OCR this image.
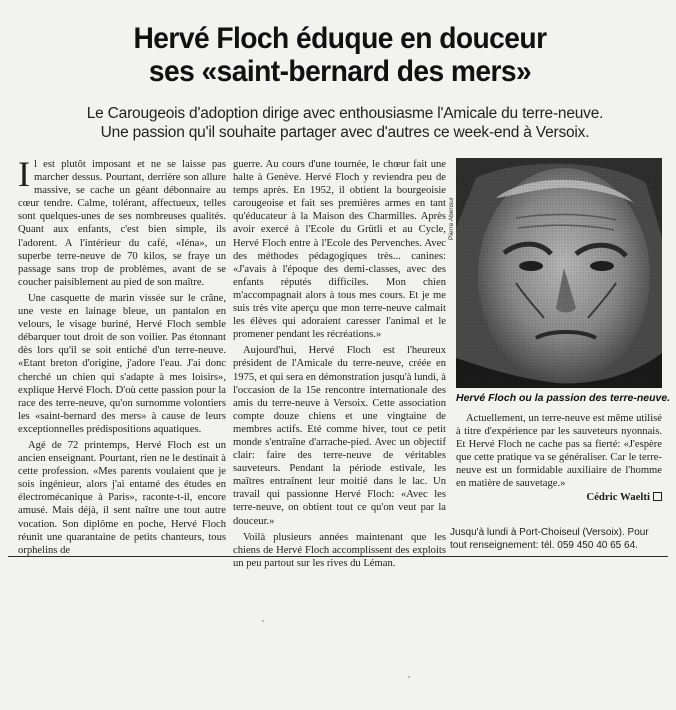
Hervé Floch éduque en douceur
ses «saint-bernard des mers»
Le Carougeois d'adoption dirige avec enthousiasme l'Amicale du terre-neuve.
Une passion qu'il souhaite partager avec d'autres ce week-end à Versoix.

Il est plutôt imposant et ne se laisse pas marcher dessus. Pourtant, derrière son allure massive, se cache un géant débonnaire au cœur tendre. Calme, tolérant, affectueux, telles sont quelques-unes de ses nombreuses qualités. Quant aux enfants, c'est bien simple, ils l'adorent. A l'intérieur du café, «Iéna», un superbe terre-neuve de 70 kilos, se fraye un passage sans trop de problèmes, avant de se coucher paisiblement au pied de son maître.

Une casquette de marin vissée sur le crâne, une veste en lainage bleue, un pantalon en velours, le visage buriné, Hervé Floch semble débarquer tout droit de son voilier. Pas étonnant dès lors qu'il se soit entiché d'un terre-neuve. «Etant breton d'origine, j'adore l'eau. J'ai donc cherché un chien qui s'adapte à mes loisirs», explique Hervé Floch. D'où cette passion pour la race des terre-neuve, qu'on surnomme volontiers les «saint-bernard des mers» à cause de leurs exceptionnelles prédispositions aquatiques.

Agé de 72 printemps, Hervé Floch est un ancien enseignant. Pourtant, rien ne le destinait à cette profession. «Mes parents voulaient que je sois ingénieur, alors j'ai entamé des études en électromécanique à Paris», raconte-t-il, encore amusé. Mais déjà, il sent naître une tout autre vocation. Son diplôme en poche, Hervé Floch réunit une quarantaine de petits chanteurs, tous orphelins de

guerre. Au cours d'une tournée, le chœur fait une halte à Genève. Hervé Floch y reviendra peu de temps après. En 1952, il obtient la bourgeoisie carougeoise et fait ses premières armes en tant qu'éducateur à la Maison des Charmilles. Après avoir exercé à l'Ecole du Grütli et au Cycle, Hervé Floch entre à l'Ecole des Pervenches. Avec des méthodes pédagogiques très... canines: «J'avais à l'époque des demi-classes, avec des enfants réputés difficiles. Mon chien m'accompagnait alors à tous mes cours. Et je me suis très vite aperçu que mon terre-neuve calmait les élèves qui adoraient caresser l'animal et le promener pendant les récréations.»

Aujourd'hui, Hervé Floch est l'heureux président de l'Amicale du terre-neuve, créée en 1975, et qui sera en démonstration jusqu'à lundi, à l'occasion de la 15e rencontre internationale des amis du terre-neuve à Versoix. Cette association compte douze chiens et une vingtaine de membres actifs. Eté comme hiver, tout ce petit monde s'entraîne d'arrache-pied. Avec un objectif clair: faire des terre-neuve de véritables sauveteurs. Pendant la période estivale, les maîtres entraînent leur moitié dans le lac. Un travail qui passionne Hervé Floch: «Avec les terre-neuve, on obtient tout ce qu'on veut par la douceur.»

Voilà plusieurs années maintenant que les chiens de Hervé Floch accomplissent des exploits un peu partout sur les rives du Léman.

Pierre Abensur
Hervé Floch ou la passion des terre-neuve.

Actuellement, un terre-neuve est même utilisé à titre d'expérience par les sauveteurs nyonnais. Et Hervé Floch ne cache pas sa fierté: «J'espère que cette pratique va se généraliser. Car le terre-neuve est un formidable auxiliaire de l'homme en matière de sauvetage.»

Cédric Waelti
Jusqu'à lundi à Port-Choiseul (Versoix). Pour
tout renseignement: tél. 059 450 40 65 64.
